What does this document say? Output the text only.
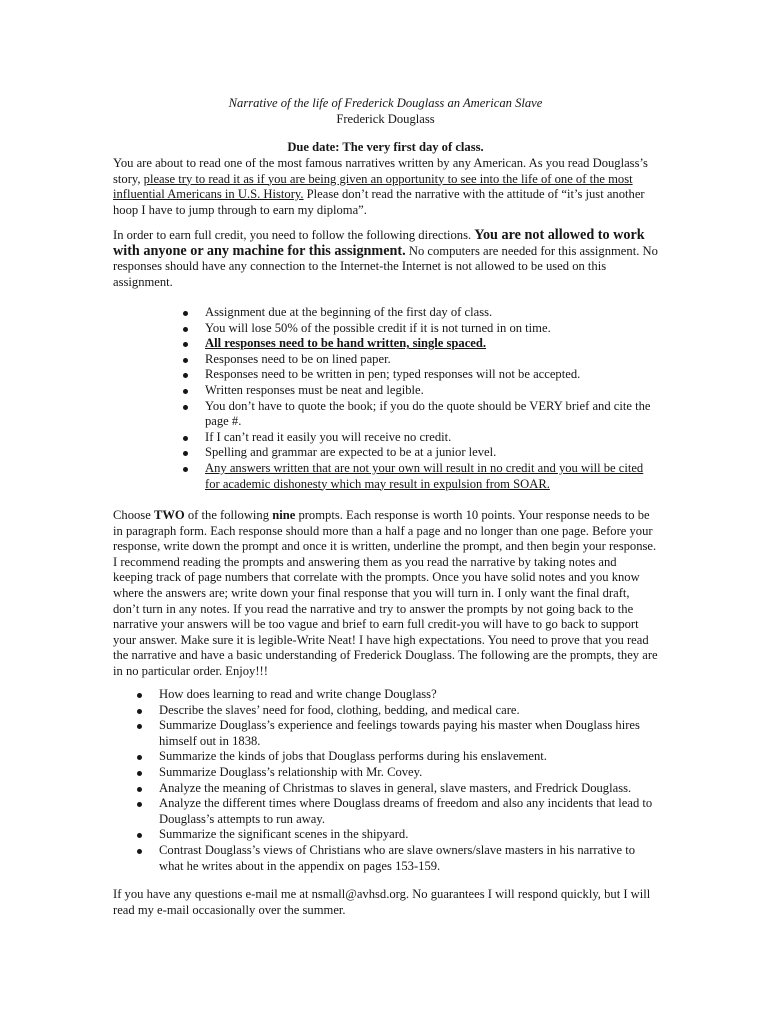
Narrative of the life of Frederick Douglass an American Slave
Frederick Douglass
Due date: The very first day of class.

You are about to read one of the most famous narratives written by any American. As you read Douglass’s story, please try to read it as if you are being given an opportunity to see into the life of one of the most influential Americans in U.S. History. Please don’t read the narrative with the attitude of “it’s just another hoop I have to jump through to earn my diploma”.

In order to earn full credit, you need to follow the following directions. You are not allowed to work with anyone or any machine for this assignment. No computers are needed for this assignment. No responses should have any connection to the Internet-the Internet is not allowed to be used on this assignment.

Assignment due at the beginning of the first day of class.
You will lose 50% of the possible credit if it is not turned in on time.
All responses need to be hand written, single spaced.
Responses need to be on lined paper.
Responses need to be written in pen; typed responses will not be accepted.
Written responses must be neat and legible.
You don’t have to quote the book; if you do the quote should be VERY brief and cite the page #.
If I can’t read it easily you will receive no credit.
Spelling and grammar are expected to be at a junior level.
Any answers written that are not your own will result in no credit and you will be cited for academic dishonesty which may result in expulsion from SOAR.

Choose TWO of the following nine prompts. Each response is worth 10 points. Your response needs to be in paragraph form. Each response should more than a half a page and no longer than one page. Before your response, write down the prompt and once it is written, underline the prompt, and then begin your response. I recommend reading the prompts and answering them as you read the narrative by taking notes and keeping track of page numbers that correlate with the prompts. Once you have solid notes and you know where the answers are; write down your final response that you will turn in. I only want the final draft, don’t turn in any notes. If you read the narrative and try to answer the prompts by not going back to the narrative your answers will be too vague and brief to earn full credit-you will have to go back to support your answer. Make sure it is legible-Write Neat! I have high expectations. You need to prove that you read the narrative and have a basic understanding of Frederick Douglass. The following are the prompts, they are in no particular order. Enjoy!!!

How does learning to read and write change Douglass?
Describe the slaves’ need for food, clothing, bedding, and medical care.
Summarize Douglass’s experience and feelings towards paying his master when Douglass hires himself out in 1838.
Summarize the kinds of jobs that Douglass performs during his enslavement.
Summarize Douglass’s relationship with Mr. Covey.
Analyze the meaning of Christmas to slaves in general, slave masters, and Fredrick Douglass.
Analyze the different times where Douglass dreams of freedom and also any incidents that lead to Douglass’s attempts to run away.
Summarize the significant scenes in the shipyard.
Contrast Douglass’s views of Christians who are slave owners/slave masters in his narrative to what he writes about in the appendix on pages 153-159.

If you have any questions e-mail me at nsmall@avhsd.org. No guarantees I will respond quickly, but I will read my e-mail occasionally over the summer.
